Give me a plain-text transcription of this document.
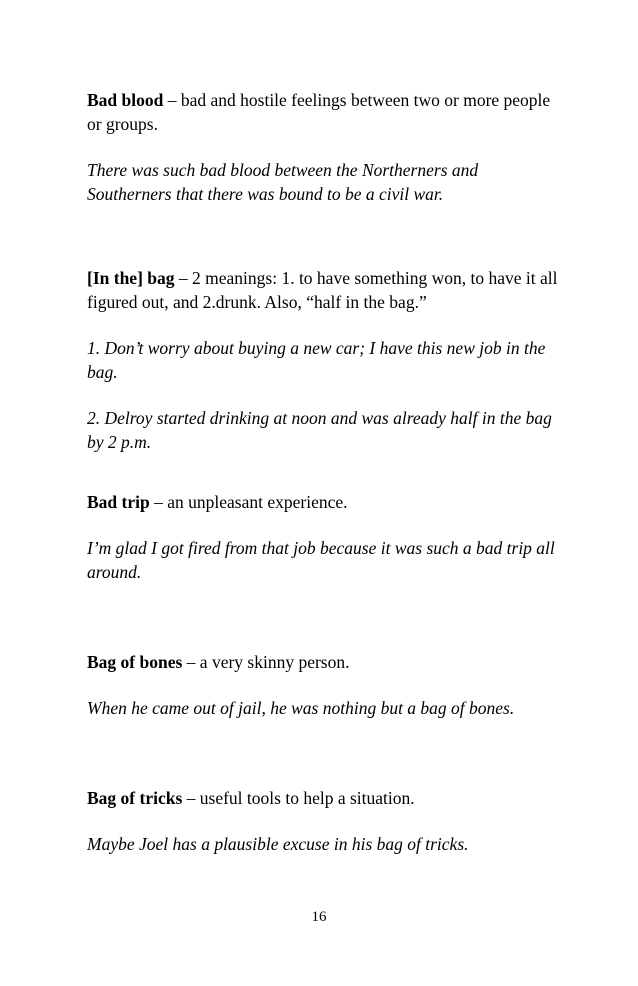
Bad blood – bad and hostile feelings between two or more people or groups.

There was such bad blood between the Northerners and Southerners that there was bound to be a civil war.

[In the] bag – 2 meanings: 1. to have something won, to have it all figured out, and 2.drunk. Also, “half in the bag.”

1. Don’t worry about buying a new car; I have this new job in the bag.

2. Delroy started drinking at noon and was already half in the bag by 2 p.m.

Bad trip – an unpleasant experience.

I’m glad I got fired from that job because it was such a bad trip all around.

Bag of bones – a very skinny person.

When he came out of jail, he was nothing but a bag of bones.

Bag of tricks – useful tools to help a situation.

Maybe Joel has a plausible excuse in his bag of tricks.

16
